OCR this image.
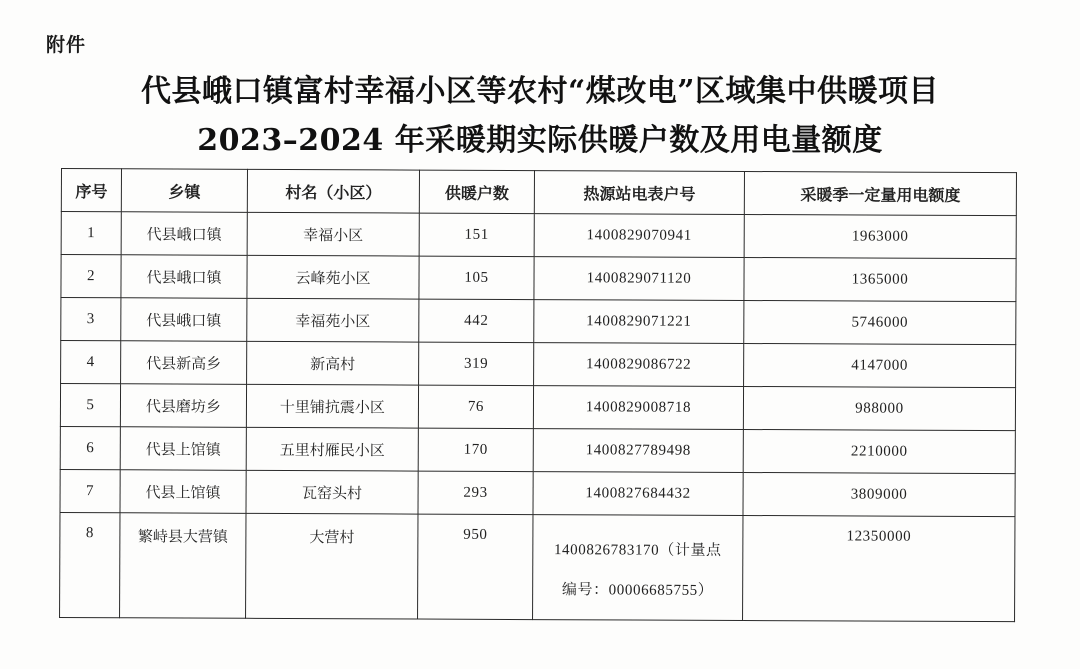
附件
代县峨口镇富村幸福小区等农村“煤改电”区域集中供暖项目
2023–2024 年采暖期实际供暖户数及用电量额度
序号	乡镇	村名（小区）	供暖户数	热源站电表户号	采暖季一定量用电额度
1	代县峨口镇	幸福小区	151	1400829070941	1963000
2	代县峨口镇	云峰苑小区	105	1400829071120	1365000
3	代县峨口镇	幸福苑小区	442	1400829071221	5746000
4	代县新高乡	新高村	319	1400829086722	4147000
5	代县磨坊乡	十里铺抗震小区	76	1400829008718	988000
6	代县上馆镇	五里村雁民小区	170	1400827789498	2210000
7	代县上馆镇	瓦窑头村	293	1400827684432	3809000
8	繁峙县大营镇	大营村	950	1400826783170（计量点
编号：00006685755）	12350000
